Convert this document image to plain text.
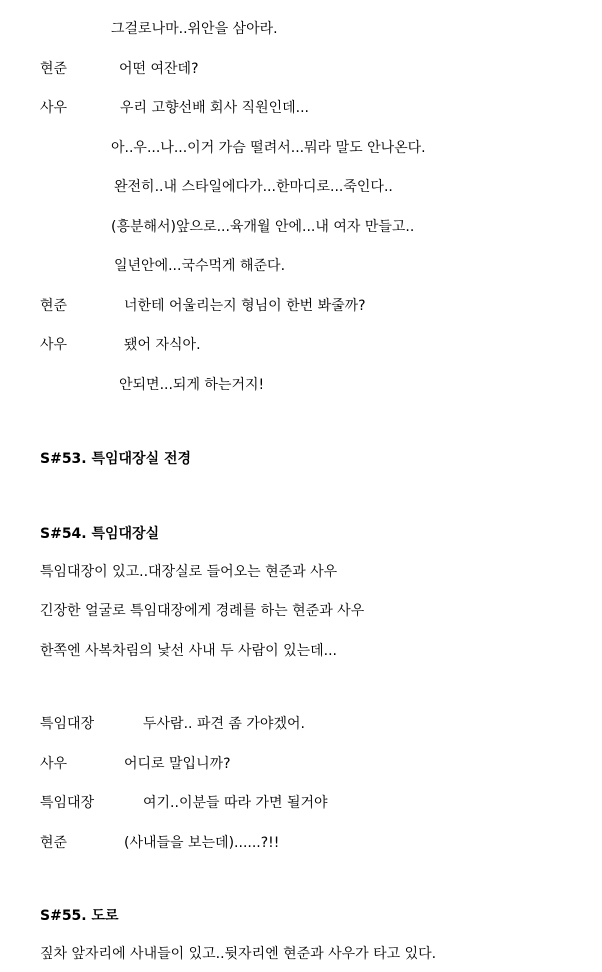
그걸로나마..위안을 삼아라.
현준	어떤 여잔데?
사우	우리 고향선배 회사 직원인데...
아..우...나...이거 가슴 떨려서...뭐라 말도 안나온다.
완전히..내 스타일에다가...한마디로...죽인다..
(흥분해서)앞으로...육개월 안에...내 여자 만들고..
일년안에...국수먹게 해준다.
현준	너한테 어울리는지 형님이 한번 봐줄까?
사우	됐어 자식아.
안되면...되게 하는거지!
S#53. 특임대장실 전경
S#54. 특임대장실
특임대장이 있고..대장실로 들어오는 현준과 사우
긴장한 얼굴로 특임대장에게 경례를 하는 현준과 사우
한쪽엔 사복차림의 낯선 사내 두 사람이 있는데...
특임대장	두사람.. 파견 좀 가야겠어.
사우	어디로 말입니까?
특임대장	여기..이분들 따라 가면 될거야
현준	(사내들을 보는데)......?!!
S#55. 도로
짚차 앞자리에 사내들이 있고..뒷자리엔 현준과 사우가 타고 있다.
